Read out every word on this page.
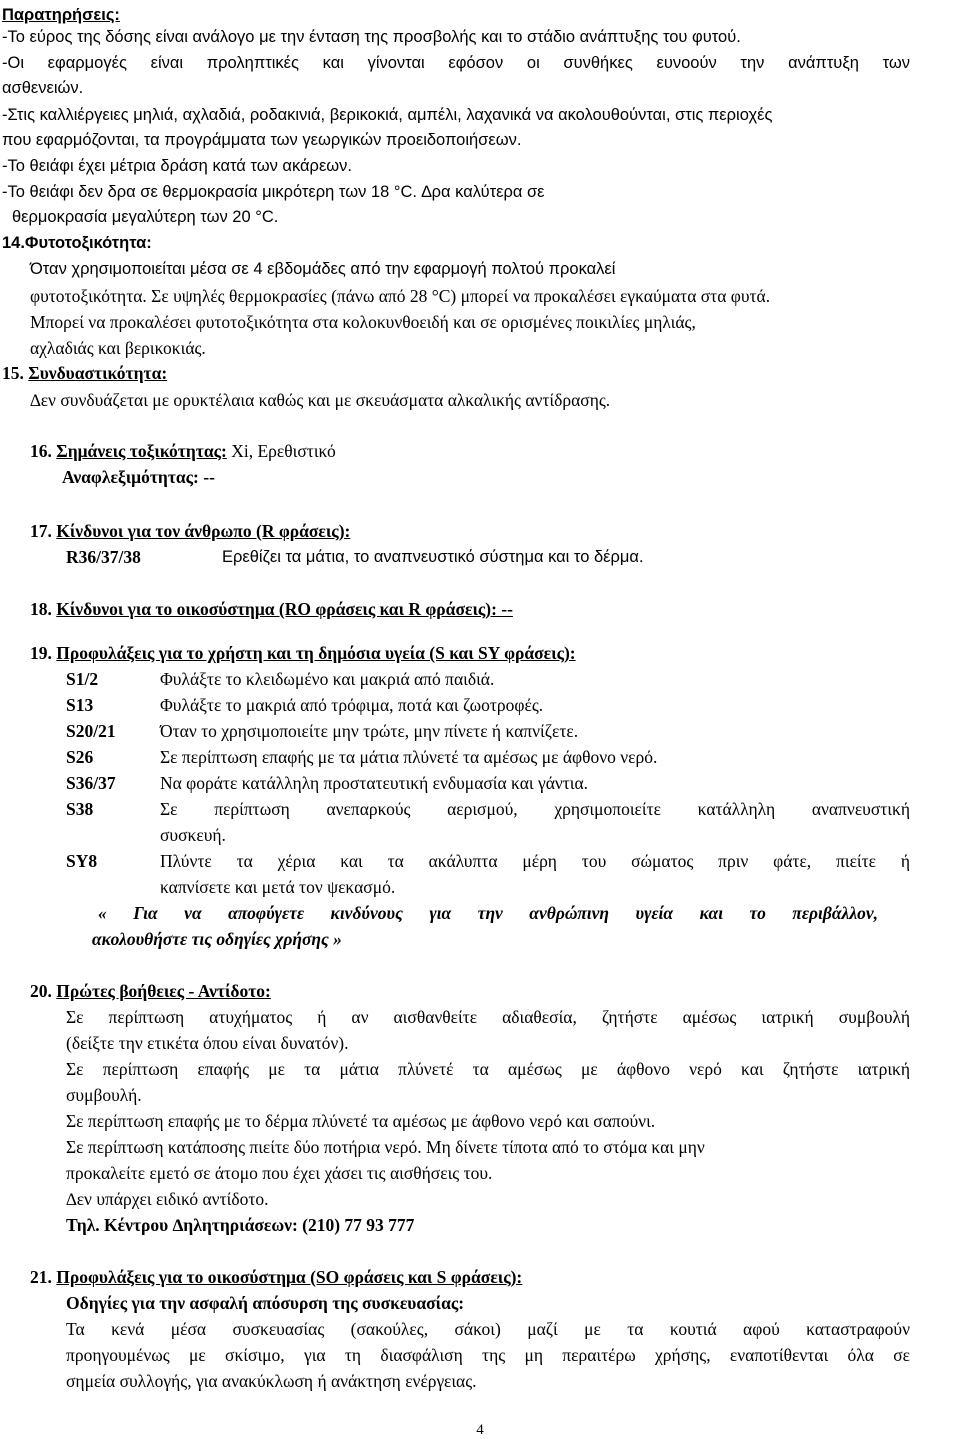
Παρατηρήσεις:
-Το εύρος της δόσης είναι ανάλογο με την ένταση της προσβολής και το στάδιο ανάπτυξης του φυτού.
-Οι εφαρμογές είναι προληπτικές και γίνονται εφόσον οι συνθήκες ευνοούν την ανάπτυξη των
ασθενειών.
-Στις καλλιέργειες μηλιά, αχλαδιά, ροδακινιά, βερικοκιά, αμπέλι, λαχανικά να ακολουθούνται, στις περιοχές
που εφαρμόζονται, τα προγράμματα των γεωργικών προειδοποιήσεων.
-Το θειάφι έχει μέτρια δράση κατά των ακάρεων.
-Το θειάφι δεν δρα σε θερμοκρασία μικρότερη των 18 °C. ∆ρα καλύτερα σε
θερμοκρασία μεγαλύτερη των 20 °C.
14.Φυτοτοξικότητα:
Όταν χρησιμοποιείται μέσα σε 4 εβδομάδες από την εφαρμογή πολτού προκαλεί
φυτοτοξικότητα. Σε υψηλές θερμοκρασίες (πάνω από 28 °C) μπορεί να προκαλέσει εγκαύματα στα φυτά.
Μπορεί να προκαλέσει φυτοτοξικότητα στα κολοκυνθοειδή και σε ορισμένες ποικιλίες μηλιάς,
αχλαδιάς και βερικοκιάς.
15. Συνδυαστικότητα:
∆εν συνδυάζεται με ορυκτέλαια καθώς και με σκευάσματα αλκαλικής αντίδρασης.
16. Σημάνεις τοξικότητας: Xi, Ερεθιστικό
Αναφλεξιμότητας: --
17. Κίνδυνοι για τον άνθρωπο (R φράσεις):
R36/37/38	Ερεθίζει τα μάτια, το αναπνευστικό σύστημα και το δέρμα.
18. Κίνδυνοι για το οικοσύστημα (RO φράσεις και R φράσεις): --
19. Προφυλάξεις για το χρήστη και τη δημόσια υγεία (S και SY φράσεις):
S1/2	Φυλάξτε το κλειδωμένο και μακριά από παιδιά.
S13	Φυλάξτε το μακριά από τρόφιμα, ποτά και ζωοτροφές.
S20/21	Όταν το χρησιμοποιείτε μην τρώτε, μην πίνετε ή καπνίζετε.
S26	Σε περίπτωση επαφής με τα μάτια πλύνετέ τα αμέσως με άφθονο νερό.
S36/37	Να φοράτε κατάλληλη προστατευτική ενδυμασία και γάντια.
S38	Σε περίπτωση ανεπαρκούς αερισμού, χρησιμοποιείτε κατάλληλη αναπνευστική
συσκευή.
SY8	Πλύντε τα χέρια και τα ακάλυπτα μέρη του σώματος πριν φάτε, πιείτε ή
καπνίσετε και μετά τον ψεκασμό.
« Για να αποφύγετε κινδύνους για την ανθρώπινη υγεία και το περιβάλλον,
ακολουθήστε τις οδηγίες χρήσης »
20. Πρώτες βοήθειες - Αντίδοτο:
Σε περίπτωση ατυχήματος ή αν αισθανθείτε αδιαθεσία, ζητήστε αμέσως ιατρική συμβουλή
(δείξτε την ετικέτα όπου είναι δυνατόν).
Σε περίπτωση επαφής με τα μάτια πλύνετέ τα αμέσως με άφθονο νερό και ζητήστε ιατρική
συμβουλή.
Σε περίπτωση επαφής με το δέρμα πλύνετέ τα αμέσως με άφθονο νερό και σαπούνι.
Σε περίπτωση κατάποσης πιείτε δύο ποτήρια νερό. Μη δίνετε τίποτα από το στόμα και μην
προκαλείτε εμετό σε άτομο που έχει χάσει τις αισθήσεις του.
∆εν υπάρχει ειδικό αντίδοτο.
Τηλ. Κέντρου ∆ηλητηριάσεων: (210) 77 93 777
21. Προφυλάξεις για το οικοσύστημα (SO φράσεις και S φράσεις):
Οδηγίες για την ασφαλή απόσυρση της συσκευασίας:
Τα κενά μέσα συσκευασίας (σακούλες, σάκοι) μαζί με τα κουτιά αφού καταστραφούν
προηγουμένως με σκίσιμο, για τη διασφάλιση της μη περαιτέρω χρήσης, εναποτίθενται όλα σε
σημεία συλλογής, για ανακύκλωση ή ανάκτηση ενέργειας.
4
